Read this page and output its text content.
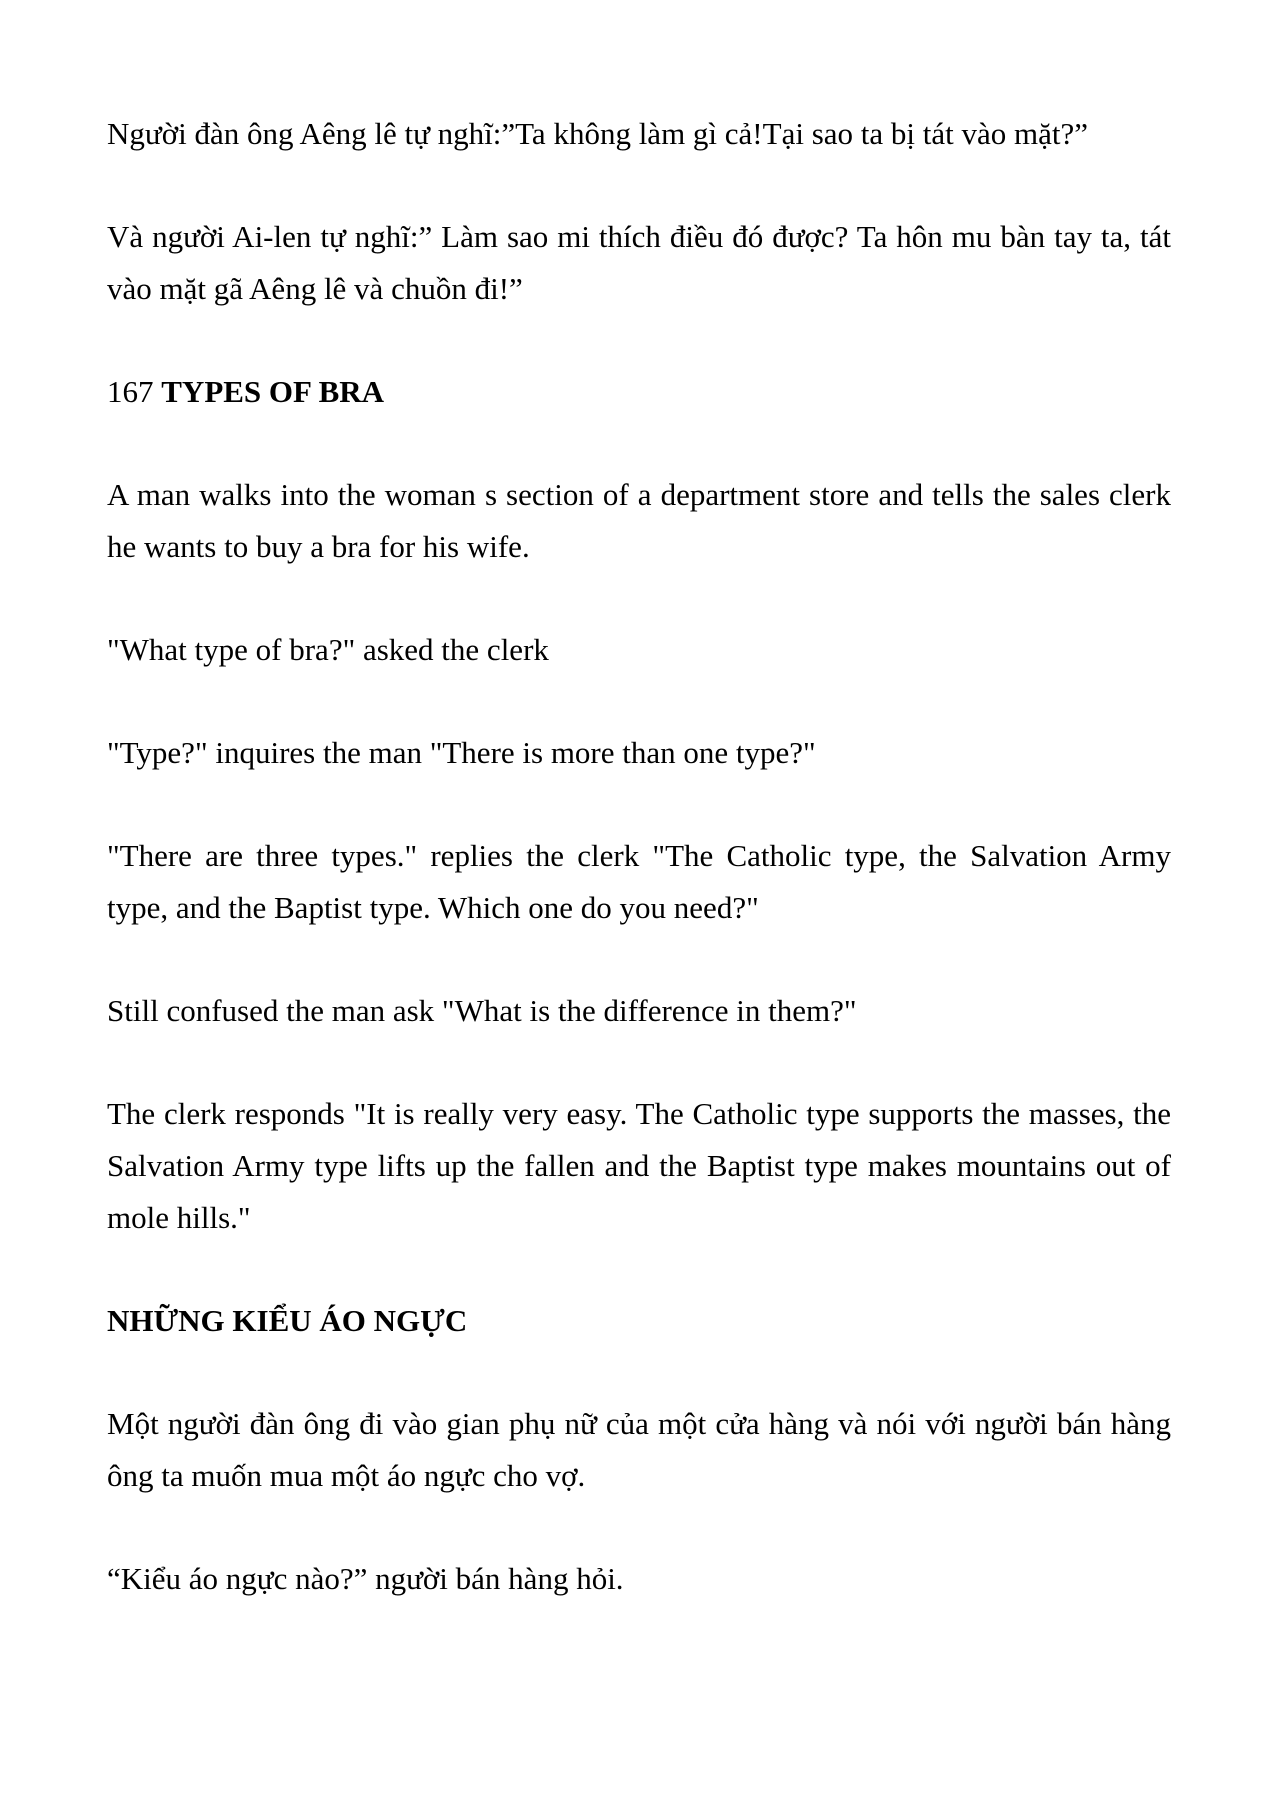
Người đàn ông Aêng lê tự nghĩ:”Ta không làm gì cả!Tại sao ta bị tát vào mặt?”

Và người Ai-len tự nghĩ:” Làm sao mi thích điều đó được? Ta hôn mu bàn tay ta, tát vào mặt gã Aêng lê và chuồn đi!”

167 TYPES OF BRA

A man walks into the woman s section of a department store and tells the sales clerk he wants to buy a bra for his wife.

"What type of bra?" asked the clerk

"Type?" inquires the man "There is more than one type?"

"There are three types." replies the clerk "The Catholic type, the Salvation Army type, and the Baptist type. Which one do you need?"

Still confused the man ask "What is the difference in them?"

The clerk responds "It is really very easy. The Catholic type supports the masses, the Salvation Army type lifts up the fallen and the Baptist type makes mountains out of mole hills."

NHỮNG KIỂU ÁO NGỰC

Một người đàn ông đi vào gian phụ nữ của một cửa hàng và nói với người bán hàng ông ta muốn mua một áo ngực cho vợ.

“Kiểu áo ngực nào?” người bán hàng hỏi.
